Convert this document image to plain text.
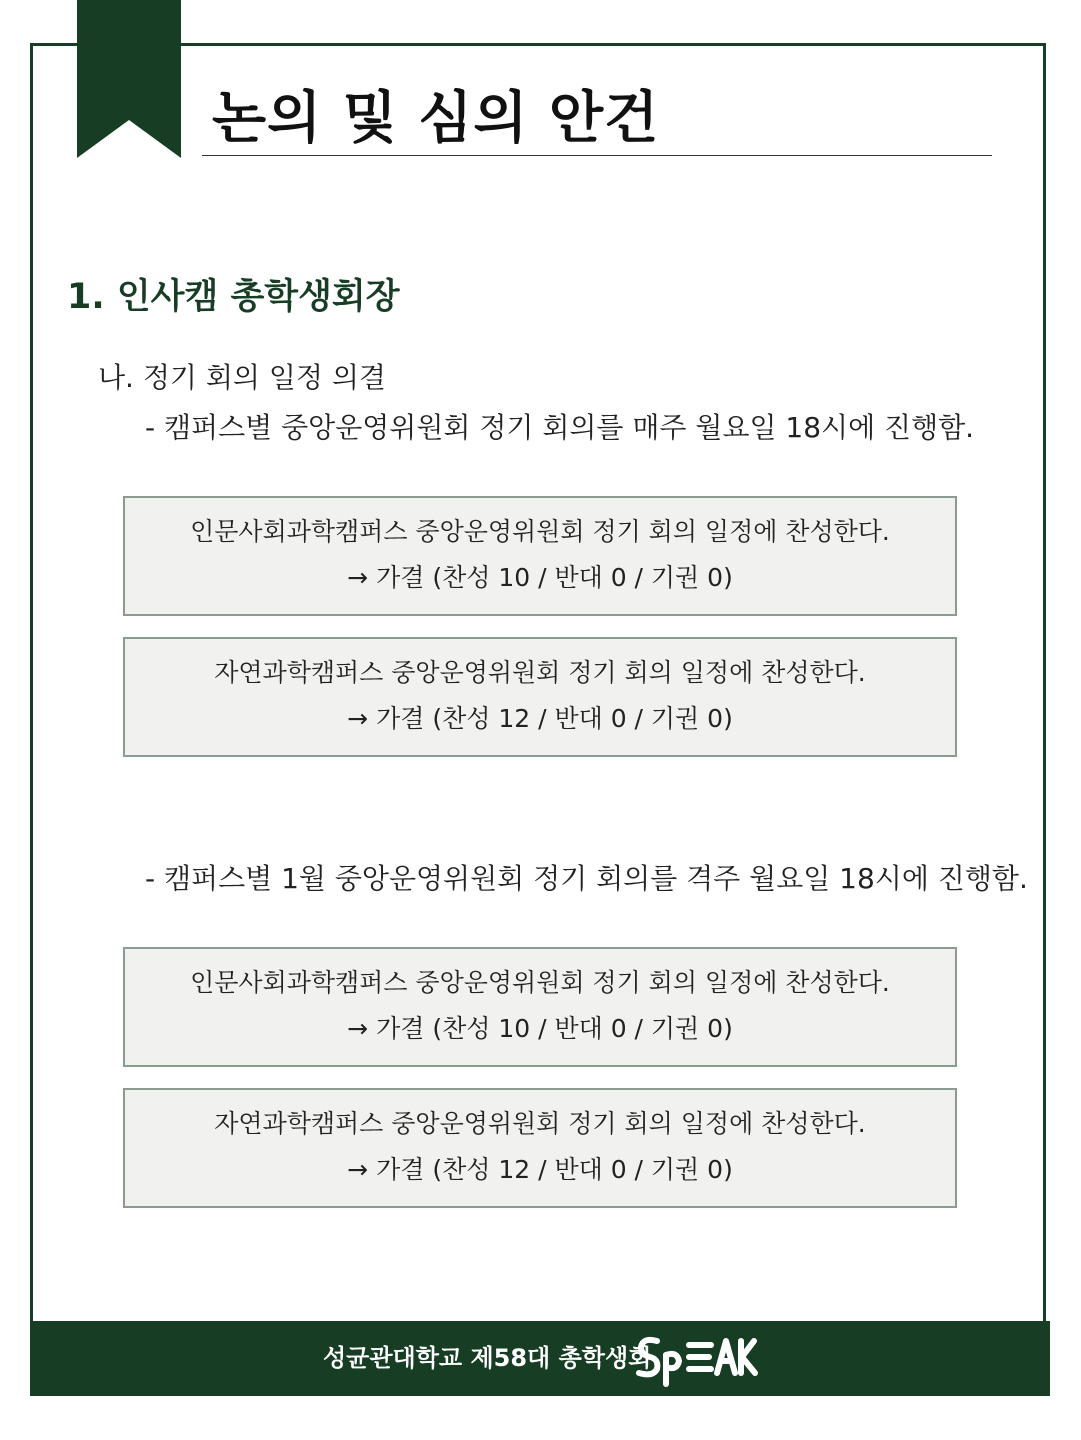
논의 및 심의 안건
1. 인사캠 총학생회장
나. 정기 회의 일정 의결
- 캠퍼스별 중앙운영위원회 정기 회의를 매주 월요일 18시에 진행함.
인문사회과학캠퍼스 중앙운영위원회 정기 회의 일정에 찬성한다.
→ 가결 (찬성 10 / 반대 0 / 기권 0)
자연과학캠퍼스 중앙운영위원회 정기 회의 일정에 찬성한다.
→ 가결 (찬성 12 / 반대 0 / 기권 0)
- 캠퍼스별 1월 중앙운영위원회 정기 회의를 격주 월요일 18시에 진행함.
인문사회과학캠퍼스 중앙운영위원회 정기 회의 일정에 찬성한다.
→ 가결 (찬성 10 / 반대 0 / 기권 0)
자연과학캠퍼스 중앙운영위원회 정기 회의 일정에 찬성한다.
→ 가결 (찬성 12 / 반대 0 / 기권 0)
성균관대학교 제58대 총학생회
